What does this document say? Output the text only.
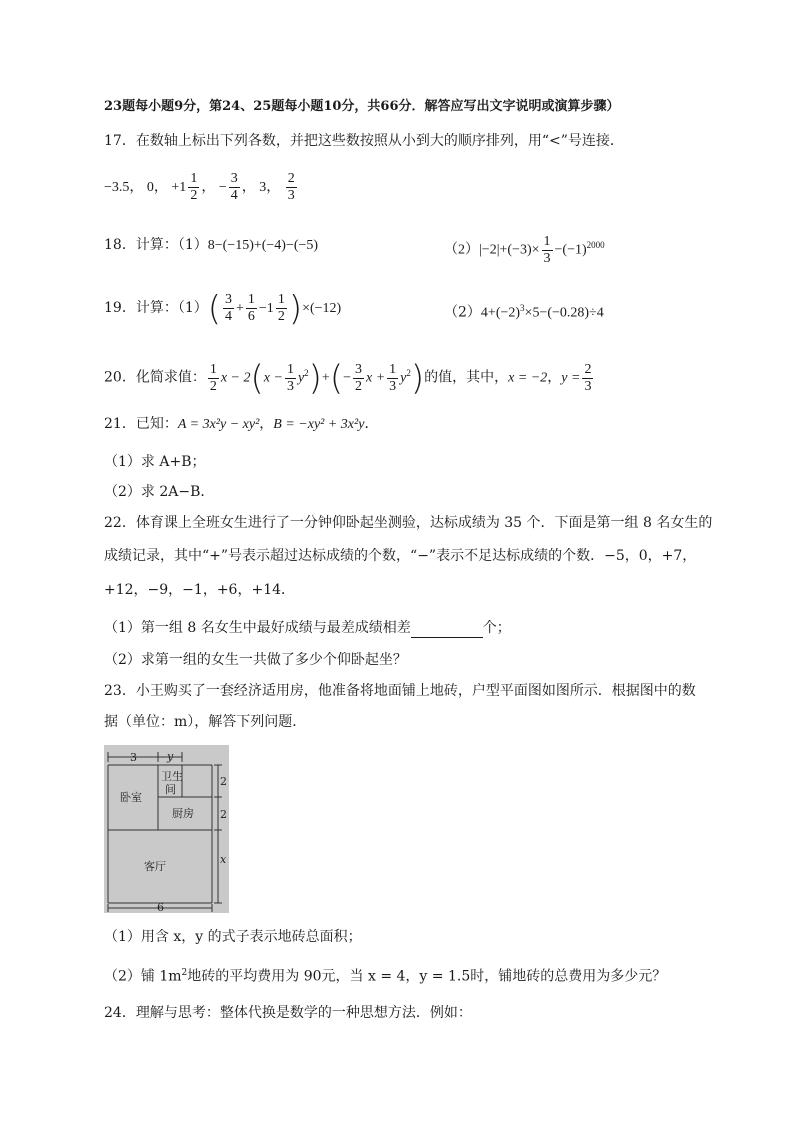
23题每小题9分，第24、25题每小题10分，共66分．解答应写出文字说明或演算步骤）
17．在数轴上标出下列各数，并把这些数按照从小到大的顺序排列，用“<”号连接．
−3.5， 0， $+1 \frac{1}{2}$ ， − $\frac{3}{4}$ ， 3， $\frac{2}{3}$
18．计算：（1）8−(−15)+(−4)−(−5)	$(2)|-2|+(-3)\times \frac{1}{3} -(-1)^{2000}$
19．计算：$(1)( \frac{3}{4} + \frac{1}{6} -1 \frac{1}{2} )\times(-12)$	$(2)4+(-2)^3\times 5-(-0.28)\div 4$
20．化简求值： $\frac{1}{2}$ $x - 2(x - \frac{1}{3} y^2)+(- \frac{3}{2}$ $x + \frac{1}{3} y^2$)的值，其中，x = −2，$y = \frac{2}{3}$
21．已知：A = 3x²y − xy²，B = −xy² + 3x²y．
（1）求 A+B；
（2）求 2A−B．
22．体育课上全班女生进行了一分钟仰卧起坐测验，达标成绩为 35 个．下面是第一组 8 名女生的
成绩记录，其中“+”号表示超过达标成绩的个数，“−”表示不足达标成绩的个数．−5，0，+7，
+12，−9，−1，+6，+14．
（1）第一组 8 名女生中最好成绩与最差成绩相差	个；
（2）求第一组的女生一共做了多少个仰卧起坐？
23．小王购买了一套经济适用房，他准备将地面铺上地砖，户型平面图如图所示．根据图中的数
据（单位：m），解答下列问题．
3	y
卫生
间
卧室
厨房
客厅
2
2
x
6
（1）用含 x，y 的式子表示地砖总面积；
（2）铺 $1m^2$地砖的平均费用为 90元，当 x = 4，y = 1.5时，铺地砖的总费用为多少元？
24．理解与思考：整体代换是数学的一种思想方法．例如：
